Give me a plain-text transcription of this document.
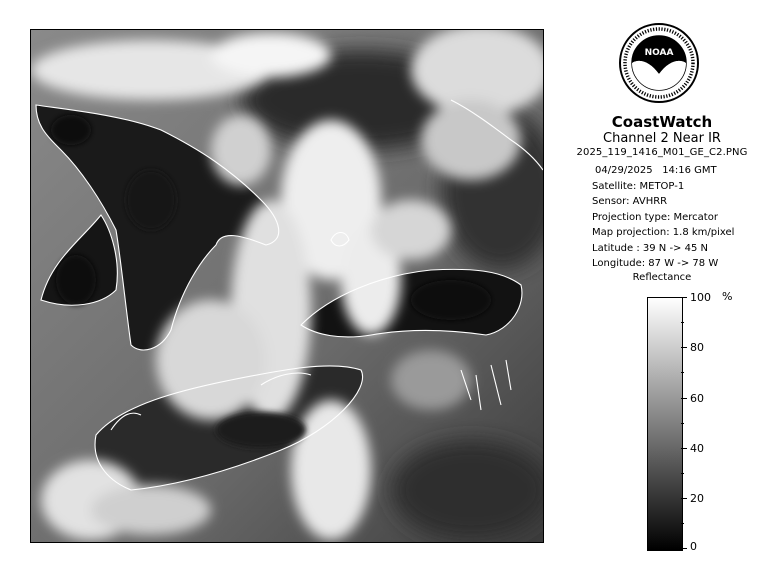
NOAA
CoastWatch
Channel 2 Near IR
2025_119_1416_M01_GE_C2.PNG
04/29/2025 14:16 GMT
Satellite: METOP-1
Sensor: AVHRR
Projection type: Mercator
Map projection: 1.8 km/pixel
Latitude : 39 N -> 45 N
Longitude: 87 W -> 78 W
Reflectance
%
100
80
60
40
20
0
